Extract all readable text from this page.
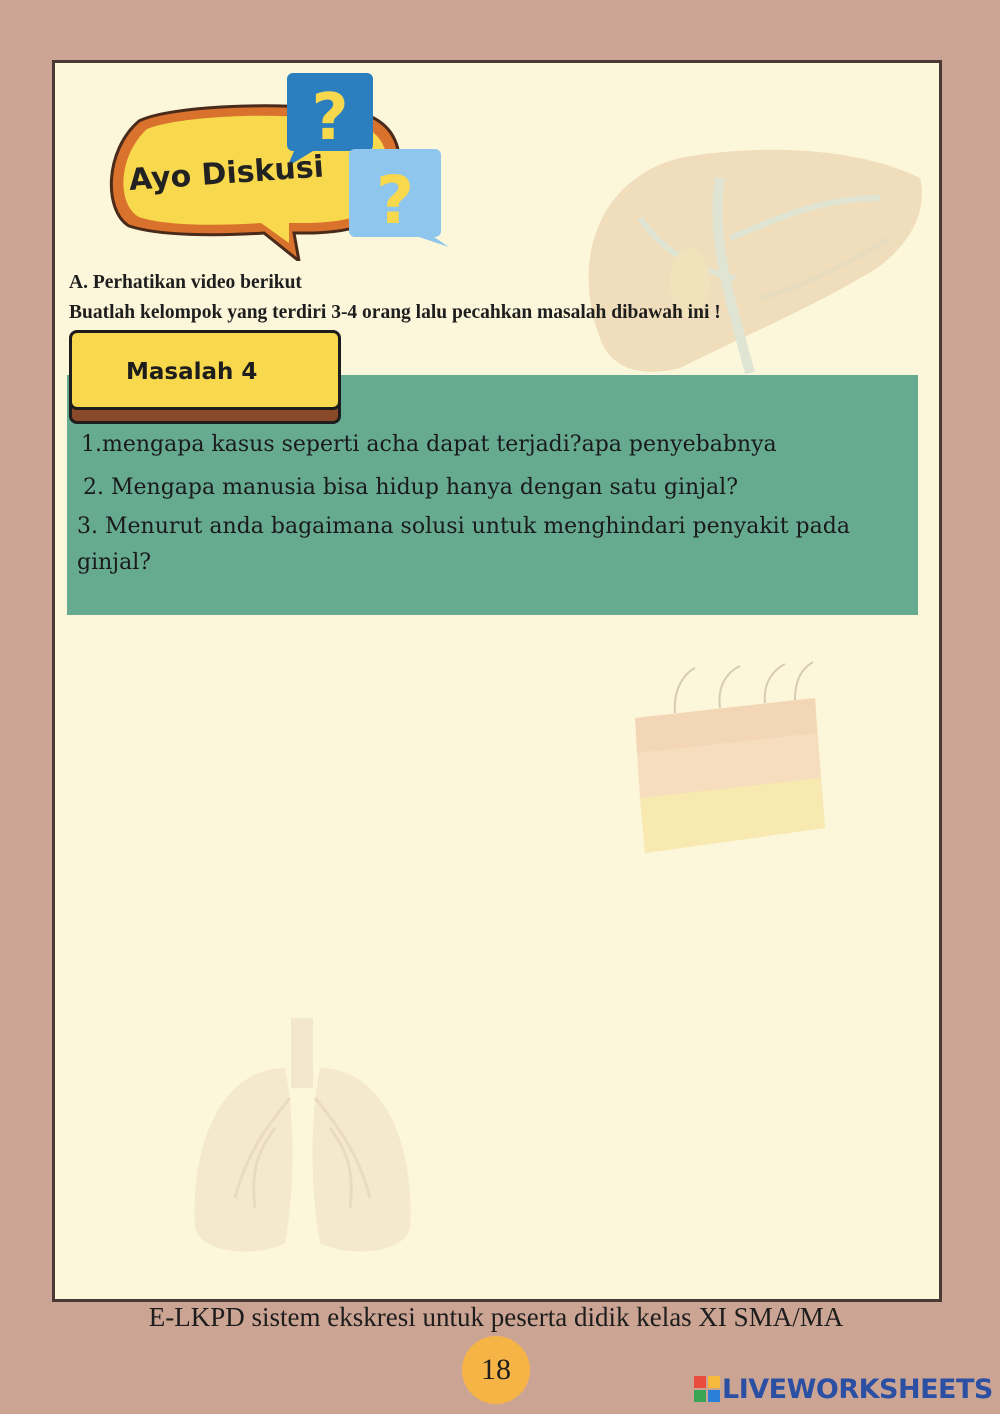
?
?
Ayo Diskusi
A. Perhatikan video berikut
Buatlah kelompok yang terdiri 3-4 orang lalu pecahkan masalah dibawah ini !
Masalah 4
1.mengapa kasus seperti acha dapat terjadi?apa penyebabnya
2. Mengapa manusia bisa hidup hanya dengan satu ginjal?
3. Menurut anda bagaimana solusi untuk menghindari penyakit pada ginjal?
E-LKPD sistem ekskresi untuk peserta didik kelas XI SMA/MA
18
LIVEWORKSHEETS
